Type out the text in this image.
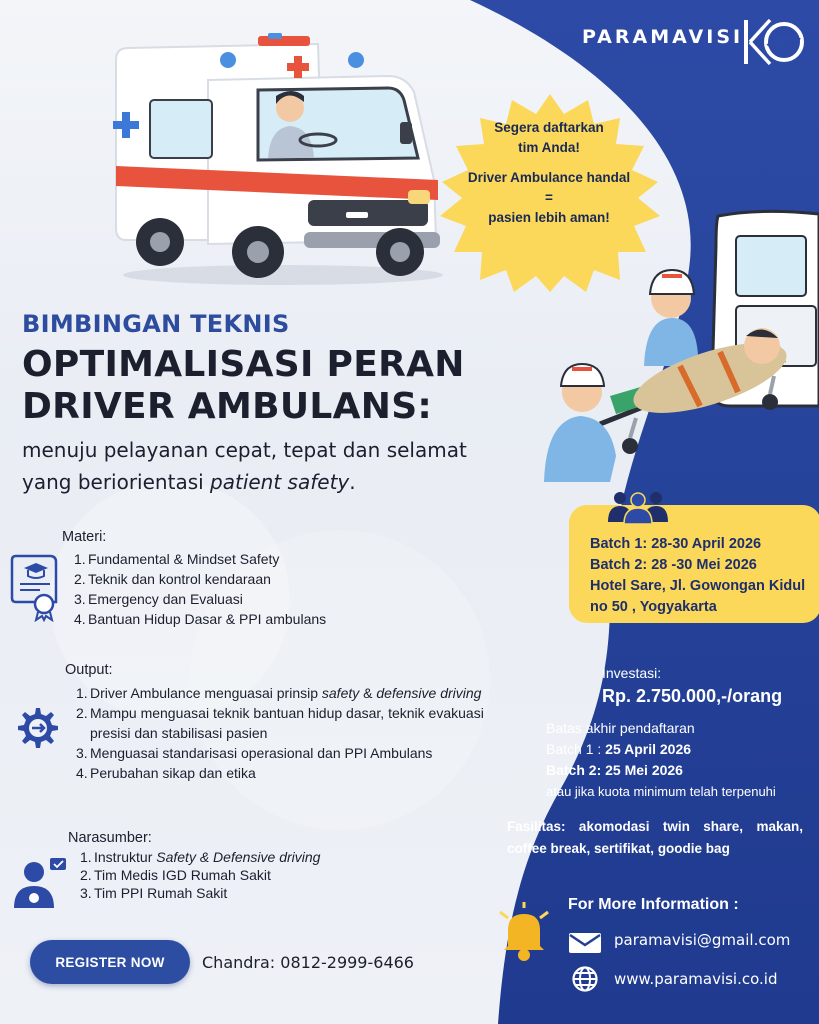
PARAMAVISI
Segera daftarkan
tim Anda!
Driver Ambulance handal
=
pasien lebih aman!
BIMBINGAN TEKNIS
OPTIMALISASI PERAN
DRIVER AMBULANS:
menuju pelayanan cepat, tepat dan selamat
yang beriorientasi patient safety.
Materi:
1. Fundamental & Mindset Safety
2. Teknik dan kontrol kendaraan
3. Emergency dan Evaluasi
4. Bantuan Hidup Dasar & PPI ambulans
Output:
1. Driver Ambulance menguasai prinsip safety & defensive driving
2. Mampu menguasai teknik bantuan hidup dasar, teknik evakuasi
presisi dan stabilisasi pasien
3. Menguasai standarisasi operasional dan PPI Ambulans
4. Perubahan sikap dan etika
Narasumber:
1. Instruktur Safety & Defensive driving
2. Tim Medis IGD Rumah Sakit
3. Tim PPI Rumah Sakit
Batch 1: 28-30 April 2026
Batch 2: 28 -30 Mei 2026
Hotel Sare, Jl. Gowongan Kidul
no 50 , Yogyakarta
Investasi:
Rp. 2.750.000,-/orang
Batas akhir pendaftaran
Batch 1 : 25 April 2026
Batch 2: 25 Mei 2026
atau jika kuota minimum telah terpenuhi
Fasilitas: akomodasi twin share, makan, coffee break, sertifikat, goodie bag
For More Information :
paramavisi@gmail.com
www.paramavisi.co.id
REGISTER NOW	Chandra: 0812-2999-6466
